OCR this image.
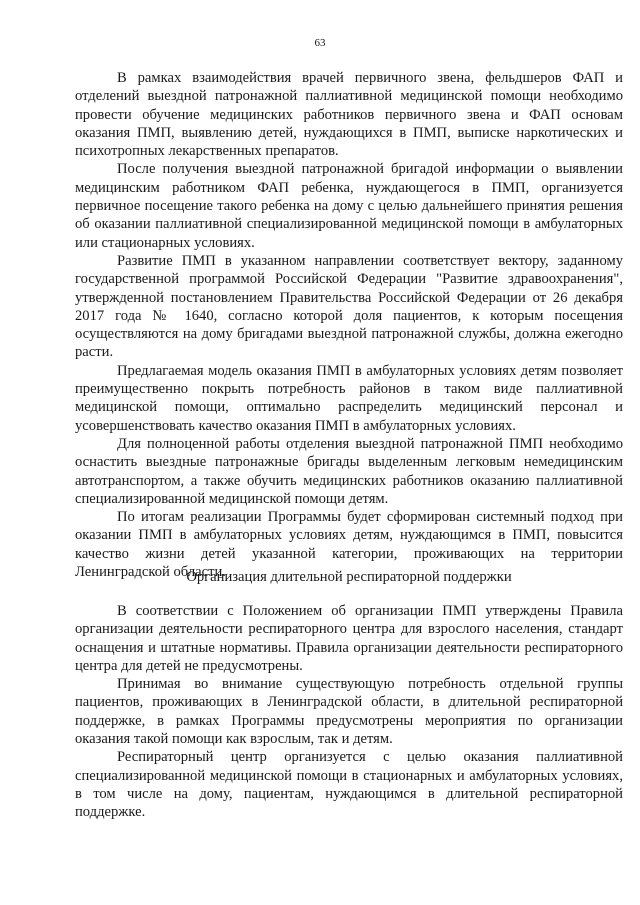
63

В рамках взаимодействия врачей первичного звена, фельдшеров ФАП и отделений выездной патронажной паллиативной медицинской помощи необходимо провести обучение медицинских работников первичного звена и ФАП основам оказания ПМП, выявлению детей, нуждающихся в ПМП, выписке наркотических и психотропных лекарственных препаратов.

После получения выездной патронажной бригадой информации о выявлении медицинским работником ФАП ребенка, нуждающегося в ПМП, организуется первичное посещение такого ребенка на дому с целью дальнейшего принятия решения об оказании паллиативной специализированной медицинской помощи в амбулаторных или стационарных условиях.

Развитие ПМП в указанном направлении соответствует вектору, заданному государственной программой Российской Федерации "Развитие здравоохранения", утвержденной постановлением Правительства Российской Федерации от 26 декабря 2017 года № 1640, согласно которой доля пациентов, к которым посещения осуществляются на дому бригадами выездной патронажной службы, должна ежегодно расти.

Предлагаемая модель оказания ПМП в амбулаторных условиях детям позволяет преимущественно покрыть потребность районов в таком виде паллиативной медицинской помощи, оптимально распределить медицинский персонал и усовершенствовать качество оказания ПМП в амбулаторных условиях.

Для полноценной работы отделения выездной патронажной ПМП необходимо оснастить выездные патронажные бригады выделенным легковым немедицинским автотранспортом, а также обучить медицинских работников оказанию паллиативной специализированной медицинской помощи детям.

По итогам реализации Программы будет сформирован системный подход при оказании ПМП в амбулаторных условиях детям, нуждающимся в ПМП, повысится качество жизни детей указанной категории, проживающих на территории Ленинградской области.

Организация длительной респираторной поддержки

В соответствии с Положением об организации ПМП утверждены Правила организации деятельности респираторного центра для взрослого населения, стандарт оснащения и штатные нормативы. Правила организации деятельности респираторного центра для детей не предусмотрены.

Принимая во внимание существующую потребность отдельной группы пациентов, проживающих в Ленинградской области, в длительной респираторной поддержке, в рамках Программы предусмотрены мероприятия по организации оказания такой помощи как взрослым, так и детям.

Респираторный центр организуется с целью оказания паллиативной специализированной медицинской помощи в стационарных и амбулаторных условиях, в том числе на дому, пациентам, нуждающимся в длительной респираторной поддержке.
